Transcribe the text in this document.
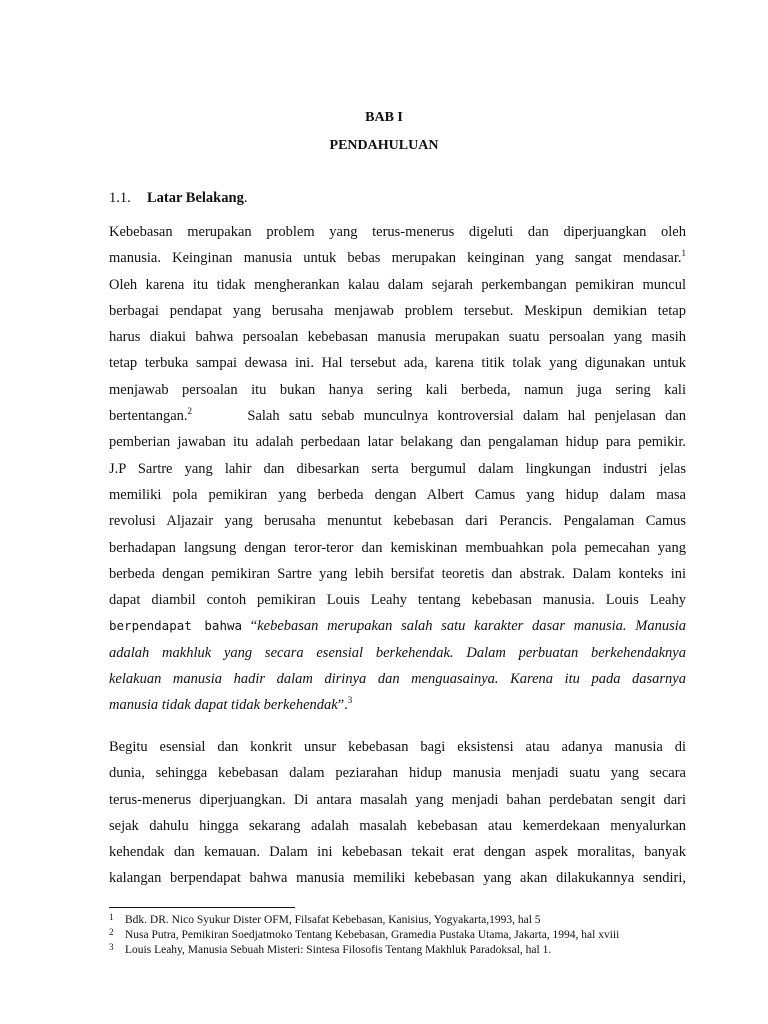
BAB I
PENDAHULUAN
1.1. Latar Belakang.

Kebebasan merupakan problem yang terus-menerus digeluti dan diperjuangkan oleh
manusia. Keinginan manusia untuk bebas merupakan keinginan yang sangat mendasar.$^1$
Oleh karena itu tidak mengherankan kalau dalam sejarah perkembangan pemikiran muncul
berbagai pendapat yang berusaha menjawab problem tersebut. Meskipun demikian tetap
harus diakui bahwa persoalan kebebasan manusia merupakan suatu persoalan yang masih
tetap terbuka sampai dewasa ini. Hal tersebut ada, karena titik tolak yang digunakan untuk
menjawab persoalan itu bukan hanya sering kali berbeda, namun juga sering kali
bertentangan.$^2$	Salah satu sebab munculnya kontroversial dalam hal penjelasan dan
pemberian jawaban itu adalah perbedaan latar belakang dan pengalaman hidup para pemikir.
J.P Sartre yang lahir dan dibesarkan serta bergumul dalam lingkungan industri jelas
memiliki pola pemikiran yang berbeda dengan Albert Camus yang hidup dalam masa
revolusi Aljazair yang berusaha menuntut kebebasan dari Perancis. Pengalaman Camus
berhadapan langsung dengan teror-teror dan kemiskinan membuahkan pola pemecahan yang
berbeda dengan pemikiran Sartre yang lebih bersifat teoretis dan abstrak. Dalam konteks ini
dapat diambil contoh pemikiran Louis Leahy tentang kebebasan manusia. Louis Leahy
berpendapat bahwa “kebebasan merupakan salah satu karakter dasar manusia. Manusia
adalah makhluk yang secara esensial berkehendak. Dalam perbuatan berkehendaknya
kelakuan manusia hadir dalam dirinya dan menguasainya. Karena itu pada dasarnya
manusia tidak dapat tidak berkehendak”.$^3$

Begitu esensial dan konkrit unsur kebebasan bagi eksistensi atau adanya manusia di
dunia, sehingga kebebasan dalam peziarahan hidup manusia menjadi suatu yang secara
terus-menerus diperjuangkan. Di antara masalah yang menjadi bahan perdebatan sengit dari
sejak dahulu hingga sekarang adalah masalah kebebasan atau kemerdekaan menyalurkan
kehendak dan kemauan. Dalam ini kebebasan tekait erat dengan aspek moralitas, banyak
kalangan berpendapat bahwa manusia memiliki kebebasan yang akan dilakukannya sendiri,

1 Bdk. DR. Nico Syukur Dister OFM, Filsafat Kebebasan, Kanisius, Yogyakarta,1993, hal 5
2 Nusa Putra, Pemikiran Soedjatmoko Tentang Kebebasan, Gramedia Pustaka Utama, Jakarta, 1994, hal xviii
3 Louis Leahy, Manusia Sebuah Misteri: Sintesa Filosofis Tentang Makhluk Paradoksal, hal 1.
